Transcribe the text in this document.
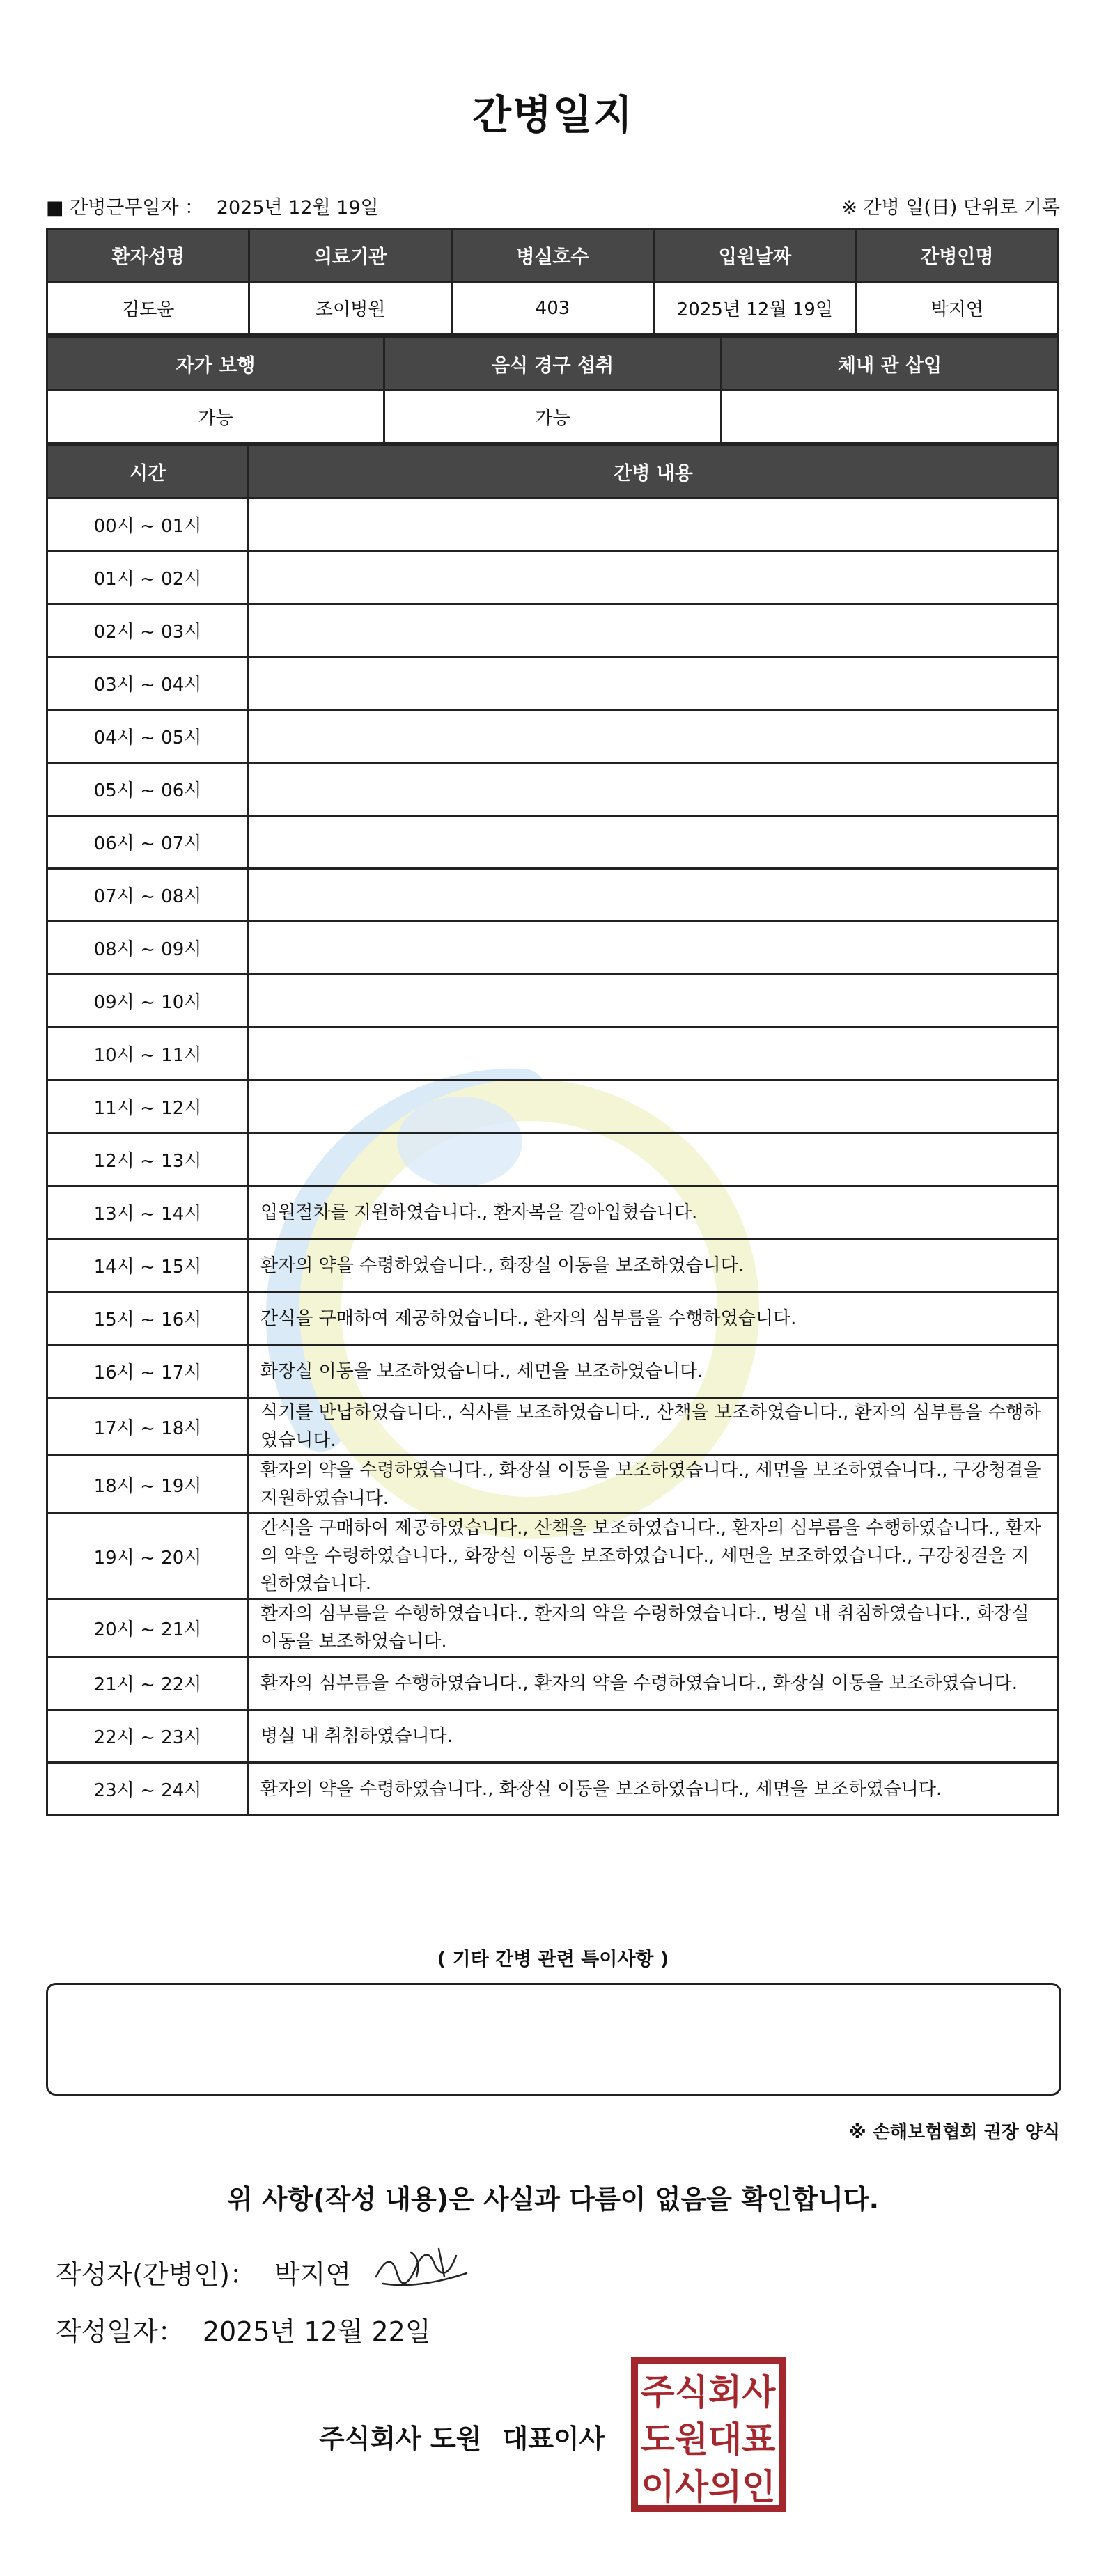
간병일지
■ 간병근무일자 ： 2025년 12월 19일	※ 간병 일(日) 단위로 기록
환자성명	의료기관	병실호수	입원날짜	간병인명
김도윤	조이병원	403	2025년 12월 19일	박지연
자가 보행	음식 경구 섭취	체내 관 삽입
가능	가능	
시간	간병 내용
00시 ~ 01시	
01시 ~ 02시	
02시 ~ 03시	
03시 ~ 04시	
04시 ~ 05시	
05시 ~ 06시	
06시 ~ 07시	
07시 ~ 08시	
08시 ~ 09시	
09시 ~ 10시	
10시 ~ 11시	
11시 ~ 12시	
12시 ~ 13시	
13시 ~ 14시	입원절차를 지원하였습니다., 환자복을 갈아입혔습니다.
14시 ~ 15시	환자의 약을 수령하였습니다., 화장실 이동을 보조하였습니다.
15시 ~ 16시	간식을 구매하여 제공하였습니다., 환자의 심부름을 수행하였습니다.
16시 ~ 17시	화장실 이동을 보조하였습니다., 세면을 보조하였습니다.
17시 ~ 18시	식기를 반납하였습니다., 식사를 보조하였습니다., 산책을 보조하였습니다., 환자의 심부름을 수행하였습니다.
18시 ~ 19시	환자의 약을 수령하였습니다., 화장실 이동을 보조하였습니다., 세면을 보조하였습니다., 구강청결을 지원하였습니다.
19시 ~ 20시	간식을 구매하여 제공하였습니다., 산책을 보조하였습니다., 환자의 심부름을 수행하였습니다., 환자의 약을 수령하였습니다., 화장실 이동을 보조하였습니다., 세면을 보조하였습니다., 구강청결을 지원하였습니다.
20시 ~ 21시	환자의 심부름을 수행하였습니다., 환자의 약을 수령하였습니다., 병실 내 취침하였습니다., 화장실 이동을 보조하였습니다.
21시 ~ 22시	환자의 심부름을 수행하였습니다., 환자의 약을 수령하였습니다., 화장실 이동을 보조하였습니다.
22시 ~ 23시	병실 내 취침하였습니다.
23시 ~ 24시	환자의 약을 수령하였습니다., 화장실 이동을 보조하였습니다., 세면을 보조하였습니다.
( 기타 간병 관련 특이사항 )
※ 손해보험협회 권장 양식
위 사항(작성 내용)은 사실과 다름이 없음을 확인합니다.
작성자(간병인)： 박지연
작성일자： 2025년 12월 22일
주식회사 도원 대표이사
주식회사
도원대표
이사의인
